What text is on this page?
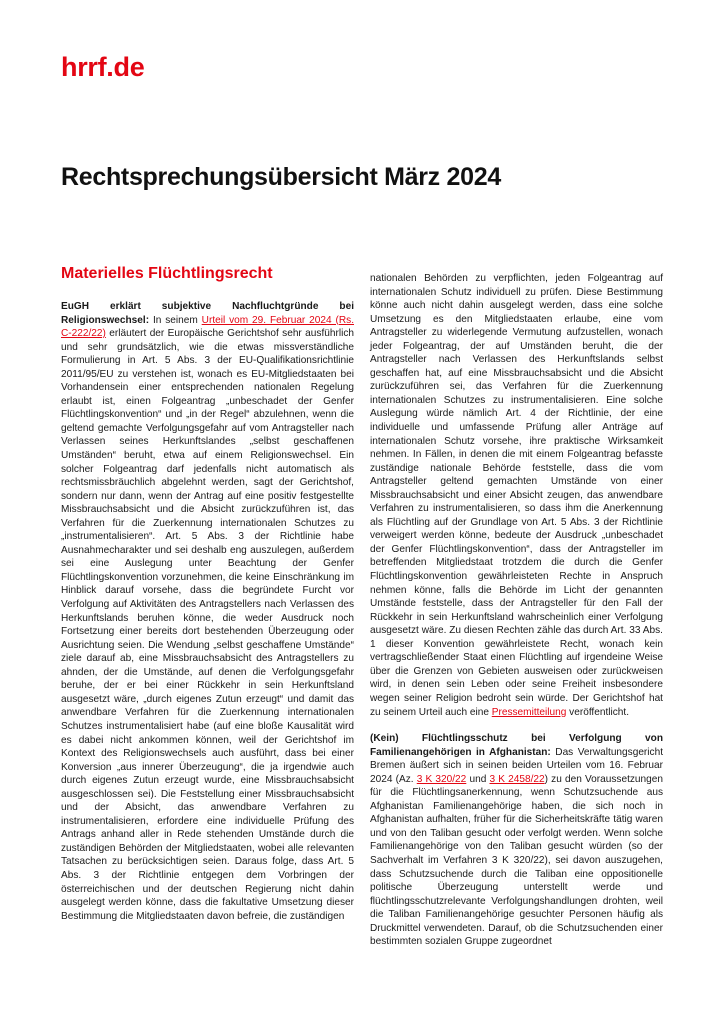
hrrf.de
Rechtsprechungsübersicht März 2024
Materielles Flüchtlingsrecht

EuGH erklärt subjektive Nachfluchtgründe bei Religionswechsel: In seinem Urteil vom 29. Februar 2024 (Rs. C-222/22) erläutert der Europäische Gerichtshof sehr ausführlich und sehr grundsätzlich, wie die etwas missverständliche Formulierung in Art. 5 Abs. 3 der EU-Qualifikationsrichtlinie 2011/95/EU zu verstehen ist, wonach es EU-Mitgliedstaaten bei Vorhandensein einer entsprechenden nationalen Regelung erlaubt ist, einen Folgeantrag „unbeschadet der Genfer Flüchtlingskonvention“ und „in der Regel“ abzulehnen, wenn die geltend gemachte Verfolgungsgefahr auf vom Antragsteller nach Verlassen seines Herkunftslandes „selbst geschaffenen Umständen“ beruht, etwa auf einem Religionswechsel. Ein solcher Folgeantrag darf jedenfalls nicht automatisch als rechtsmissbräuchlich abgelehnt werden, sagt der Gerichtshof, sondern nur dann, wenn der Antrag auf eine positiv festgestellte Missbrauchsabsicht und die Absicht zurückzuführen ist, das Verfahren für die Zuerkennung internationalen Schutzes zu „instrumentalisieren“. Art. 5 Abs. 3 der Richtlinie habe Ausnahmecharakter und sei deshalb eng auszulegen, außerdem sei eine Auslegung unter Beachtung der Genfer Flüchtlingskonvention vorzunehmen, die keine Einschränkung im Hinblick darauf vorsehe, dass die begründete Furcht vor Verfolgung auf Aktivitäten des Antragstellers nach Verlassen des Herkunftslands beruhen könne, die weder Ausdruck noch Fortsetzung einer bereits dort bestehenden Überzeugung oder Ausrichtung seien. Die Wendung „selbst geschaffene Umstände“ ziele darauf ab, eine Missbrauchsabsicht des Antragstellers zu ahnden, der die Umstände, auf denen die Verfolgungsgefahr beruhe, der er bei einer Rückkehr in sein Herkunftsland ausgesetzt wäre, „durch eigenes Zutun erzeugt“ und damit das anwendbare Verfahren für die Zuerkennung internationalen Schutzes instrumentalisiert habe (auf eine bloße Kausalität wird es dabei nicht ankommen können, weil der Gerichtshof im Kontext des Religionswechsels auch ausführt, dass bei einer Konversion „aus innerer Überzeugung“, die ja irgendwie auch durch eigenes Zutun erzeugt wurde, eine Missbrauchsabsicht ausgeschlossen sei). Die Feststellung einer Missbrauchsabsicht und der Absicht, das anwendbare Verfahren zu instrumentalisieren, erfordere eine individuelle Prüfung des Antrags anhand aller in Rede stehenden Umstände durch die zuständigen Behörden der Mitgliedstaaten, wobei alle relevanten Tatsachen zu berücksichtigen seien. Daraus folge, dass Art. 5 Abs. 3 der Richtlinie entgegen dem Vorbringen der österreichischen und der deutschen Regierung nicht dahin ausgelegt werden könne, dass die fakultative Umsetzung dieser Bestimmung die Mitgliedstaaten davon befreie, die zuständigen

nationalen Behörden zu verpflichten, jeden Folgeantrag auf internationalen Schutz individuell zu prüfen. Diese Bestimmung könne auch nicht dahin ausgelegt werden, dass eine solche Umsetzung es den Mitgliedstaaten erlaube, eine vom Antragsteller zu widerlegende Vermutung aufzustellen, wonach jeder Folgeantrag, der auf Umständen beruht, die der Antragsteller nach Verlassen des Herkunftslands selbst geschaffen hat, auf eine Missbrauchsabsicht und die Absicht zurückzuführen sei, das Verfahren für die Zuerkennung internationalen Schutzes zu instrumentalisieren. Eine solche Auslegung würde nämlich Art. 4 der Richtlinie, der eine individuelle und umfassende Prüfung aller Anträge auf internationalen Schutz vorsehe, ihre praktische Wirksamkeit nehmen. In Fällen, in denen die mit einem Folgeantrag befasste zuständige nationale Behörde feststelle, dass die vom Antragsteller geltend gemachten Umstände von einer Missbrauchsabsicht und einer Absicht zeugen, das anwendbare Verfahren zu instrumentalisieren, so dass ihm die Anerkennung als Flüchtling auf der Grundlage von Art. 5 Abs. 3 der Richtlinie verweigert werden könne, bedeute der Ausdruck „unbeschadet der Genfer Flüchtlingskonvention“, dass der Antragsteller im betreffenden Mitgliedstaat trotzdem die durch die Genfer Flüchtlingskonvention gewährleisteten Rechte in Anspruch nehmen könne, falls die Behörde im Licht der genannten Umstände feststelle, dass der Antragsteller für den Fall der Rückkehr in sein Herkunftsland wahrscheinlich einer Verfolgung ausgesetzt wäre. Zu diesen Rechten zähle das durch Art. 33 Abs. 1 dieser Konvention gewährleistete Recht, wonach kein vertragschließender Staat einen Flüchtling auf irgendeine Weise über die Grenzen von Gebieten ausweisen oder zurückweisen wird, in denen sein Leben oder seine Freiheit insbesondere wegen seiner Religion bedroht sein würde. Der Gerichtshof hat zu seinem Urteil auch eine Pressemitteilung veröffentlicht.

(Kein) Flüchtlingsschutz bei Verfolgung von Familienangehörigen in Afghanistan: Das Verwaltungsgericht Bremen äußert sich in seinen beiden Urteilen vom 16. Februar 2024 (Az. 3 K 320/22 und 3 K 2458/22) zu den Voraussetzungen für die Flüchtlingsanerkennung, wenn Schutzsuchende aus Afghanistan Familienangehörige haben, die sich noch in Afghanistan aufhalten, früher für die Sicherheitskräfte tätig waren und von den Taliban gesucht oder verfolgt werden. Wenn solche Familienangehörige von den Taliban gesucht würden (so der Sachverhalt im Verfahren 3 K 320/22), sei davon auszugehen, dass Schutzsuchende durch die Taliban eine oppositionelle politische Überzeugung unterstellt werde und flüchtlingsschutzrelevante Verfolgungshandlungen drohten, weil die Taliban Familienangehörige gesuchter Personen häufig als Druckmittel verwendeten. Darauf, ob die Schutzsuchenden einer bestimmten sozialen Gruppe zugeordnet
